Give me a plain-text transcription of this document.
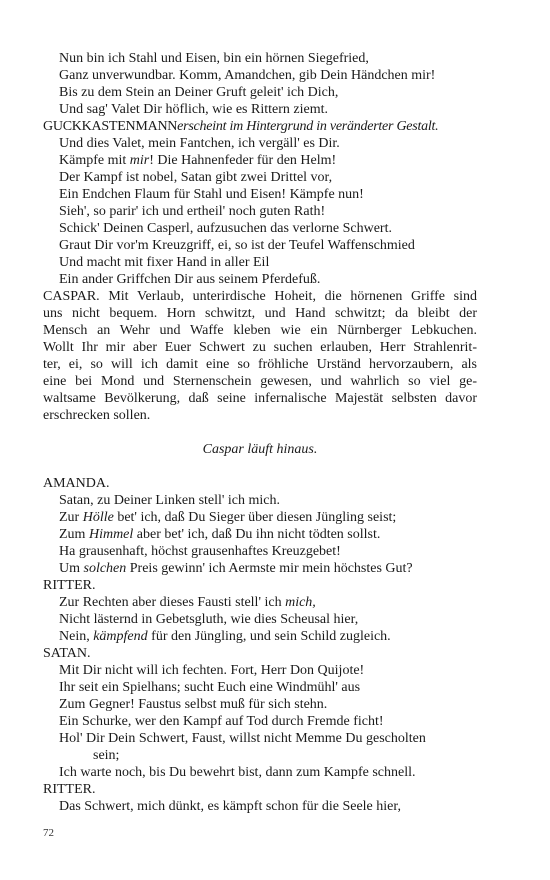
Nun bin ich Stahl und Eisen, bin ein hörnen Siegefried,
Ganz unverwundbar. Komm, Amandchen, gib Dein Händchen mir!
Bis zu dem Stein an Deiner Gruft geleit' ich Dich,
Und sag' Valet Dir höflich, wie es Rittern ziemt.
GUCKKASTENMANNerscheint im Hintergrund in veränderter Gestalt.
Und dies Valet, mein Fantchen, ich vergäll' es Dir.
Kämpfe mit mir! Die Hahnenfeder für den Helm!
Der Kampf ist nobel, Satan gibt zwei Drittel vor,
Ein Endchen Flaum für Stahl und Eisen! Kämpfe nun!
Sieh', so parir' ich und ertheil' noch guten Rath!
Schick' Deinen Casperl, aufzusuchen das verlorne Schwert.
Graut Dir vor'm Kreuzgriff, ei, so ist der Teufel Waffenschmied
Und macht mit fixer Hand in aller Eil
Ein ander Griffchen Dir aus seinem Pferdefuß.
CASPAR. Mit Verlaub, unterirdische Hoheit, die hörnenen Griffe sind
uns nicht bequem. Horn schwitzt, und Hand schwitzt; da bleibt der
Mensch an Wehr und Waffe kleben wie ein Nürnberger Lebkuchen.
Wollt Ihr mir aber Euer Schwert zu suchen erlauben, Herr Strahlenrit-
ter, ei, so will ich damit eine so fröhliche Urständ hervorzaubern, als
eine bei Mond und Sternenschein gewesen, und wahrlich so viel ge-
waltsame Bevölkerung, daß seine infernalische Majestät selbsten davor
erschrecken sollen.
Caspar läuft hinaus.
AMANDA.
Satan, zu Deiner Linken stell' ich mich.
Zur Hölle bet' ich, daß Du Sieger über diesen Jüngling seist;
Zum Himmel aber bet' ich, daß Du ihn nicht tödten sollst.
Ha grausenhaft, höchst grausenhaftes Kreuzgebet!
Um solchen Preis gewinn' ich Aermste mir mein höchstes Gut?
RITTER.
Zur Rechten aber dieses Fausti stell' ich mich,
Nicht lästernd in Gebetsgluth, wie dies Scheusal hier,
Nein, kämpfend für den Jüngling, und sein Schild zugleich.
SATAN.
Mit Dir nicht will ich fechten. Fort, Herr Don Quijote!
Ihr seit ein Spielhans; sucht Euch eine Windmühl' aus
Zum Gegner! Faustus selbst muß für sich stehn.
Ein Schurke, wer den Kampf auf Tod durch Fremde ficht!
Hol' Dir Dein Schwert, Faust, willst nicht Memme Du gescholten
sein;
Ich warte noch, bis Du bewehrt bist, dann zum Kampfe schnell.
RITTER.
Das Schwert, mich dünkt, es kämpft schon für die Seele hier,
72
